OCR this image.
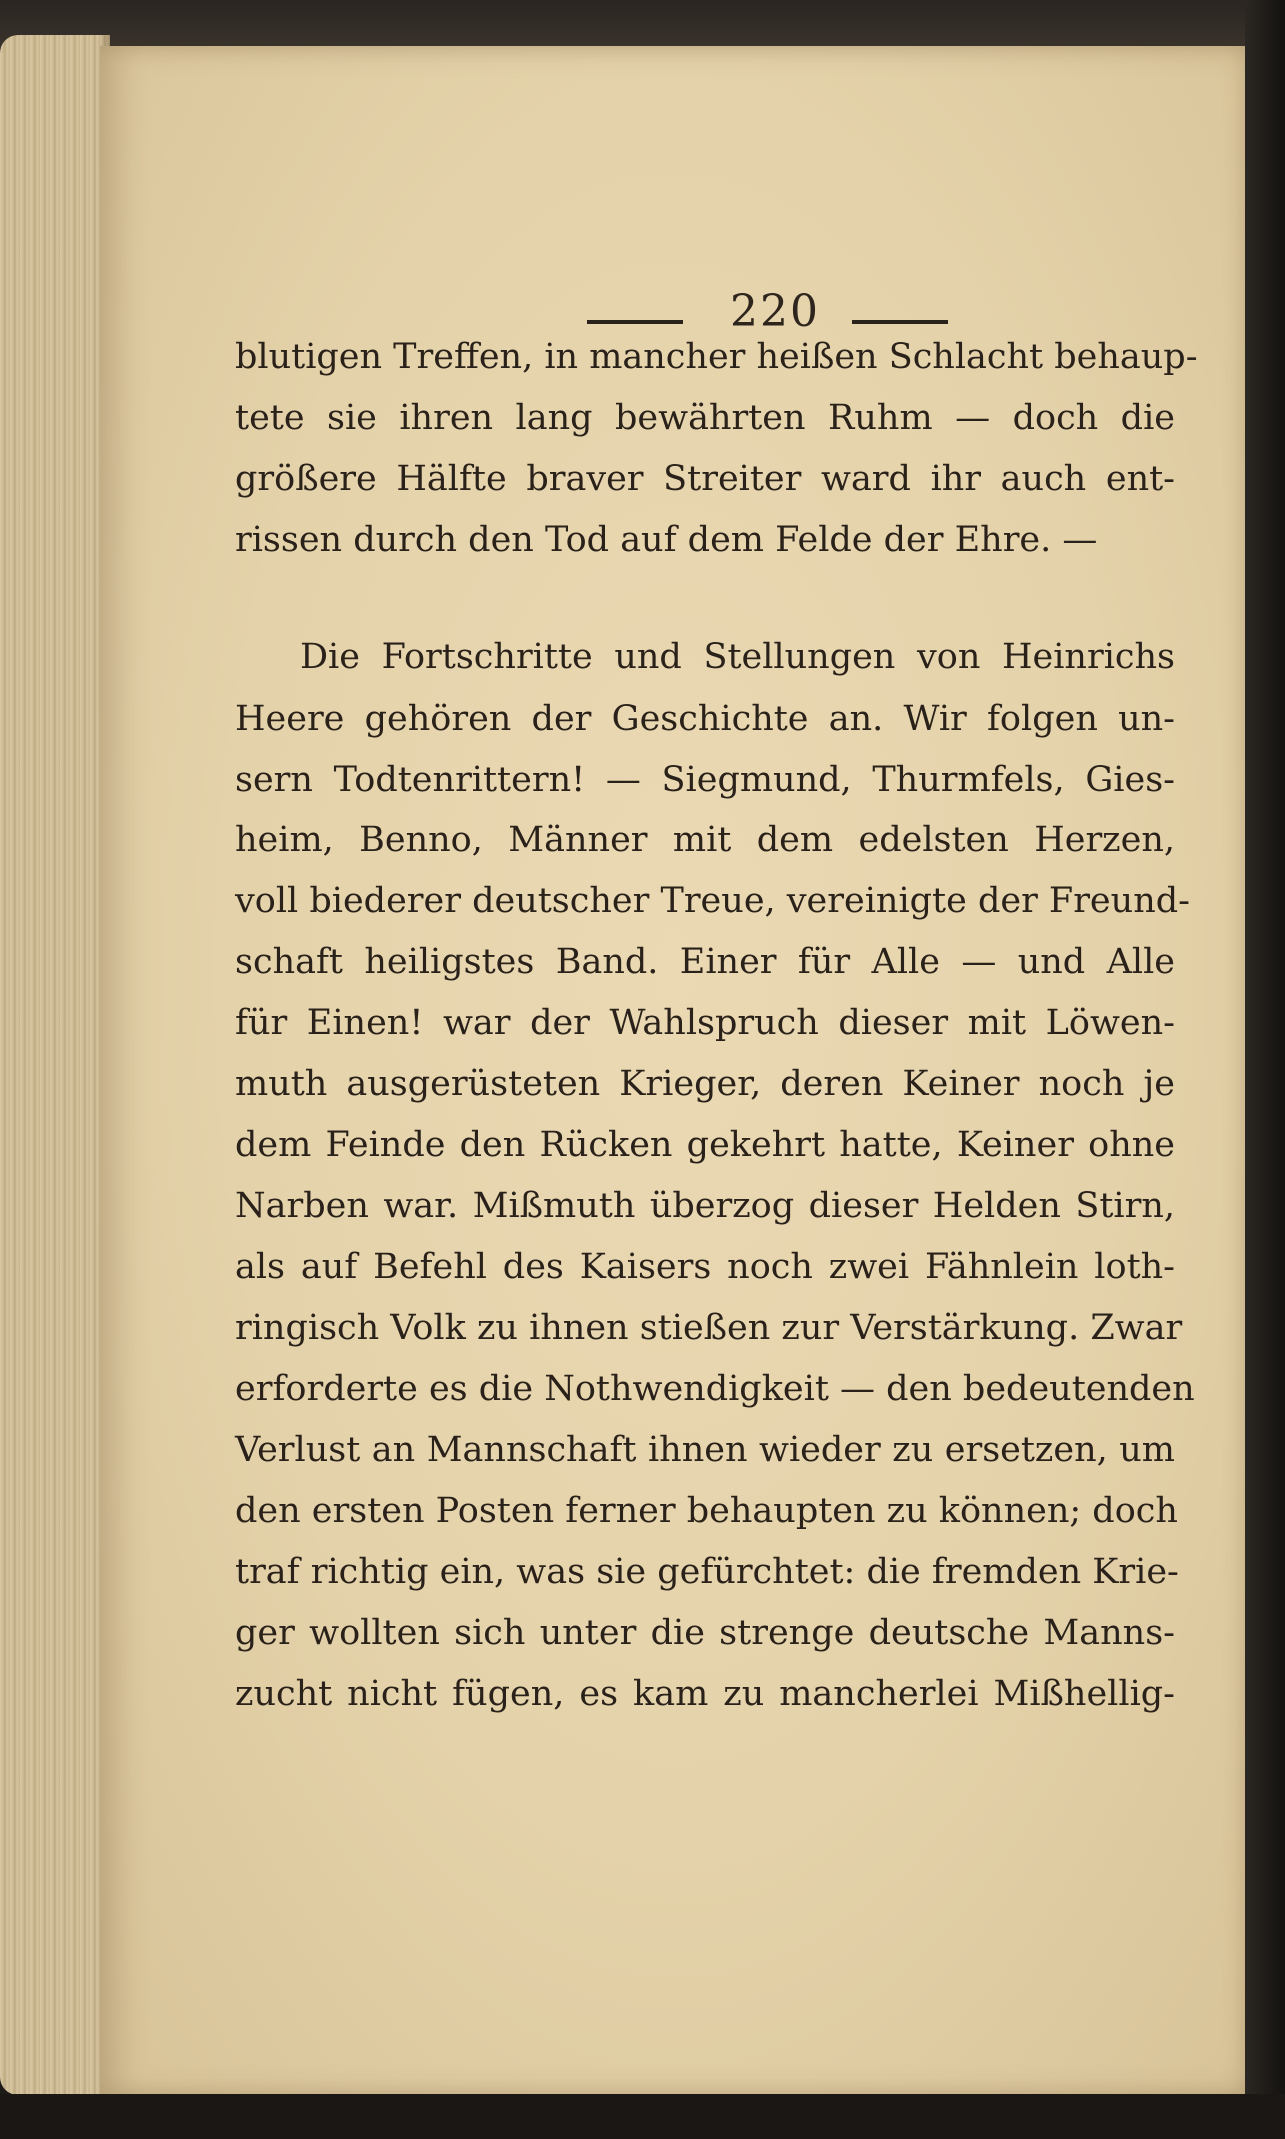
220
blutigen Treffen, in mancher heißen Schlacht behaup-
tete sie ihren lang bewährten Ruhm — doch die
größere Hälfte braver Streiter ward ihr auch ent-
rissen durch den Tod auf dem Felde der Ehre. —
Die Fortschritte und Stellungen von Heinrichs
Heere gehören der Geschichte an. Wir folgen un-
sern Todtenrittern! — Siegmund, Thurmfels, Gies-
heim, Benno, Männer mit dem edelsten Herzen,
voll biederer deutscher Treue, vereinigte der Freund-
schaft heiligstes Band. Einer für Alle — und Alle
für Einen! war der Wahlspruch dieser mit Löwen-
muth ausgerüsteten Krieger, deren Keiner noch je
dem Feinde den Rücken gekehrt hatte, Keiner ohne
Narben war. Mißmuth überzog dieser Helden Stirn,
als auf Befehl des Kaisers noch zwei Fähnlein loth-
ringisch Volk zu ihnen stießen zur Verstärkung. Zwar
erforderte es die Nothwendigkeit — den bedeutenden
Verlust an Mannschaft ihnen wieder zu ersetzen, um
den ersten Posten ferner behaupten zu können; doch
traf richtig ein, was sie gefürchtet: die fremden Krie-
ger wollten sich unter die strenge deutsche Manns-
zucht nicht fügen, es kam zu mancherlei Mißhellig-
